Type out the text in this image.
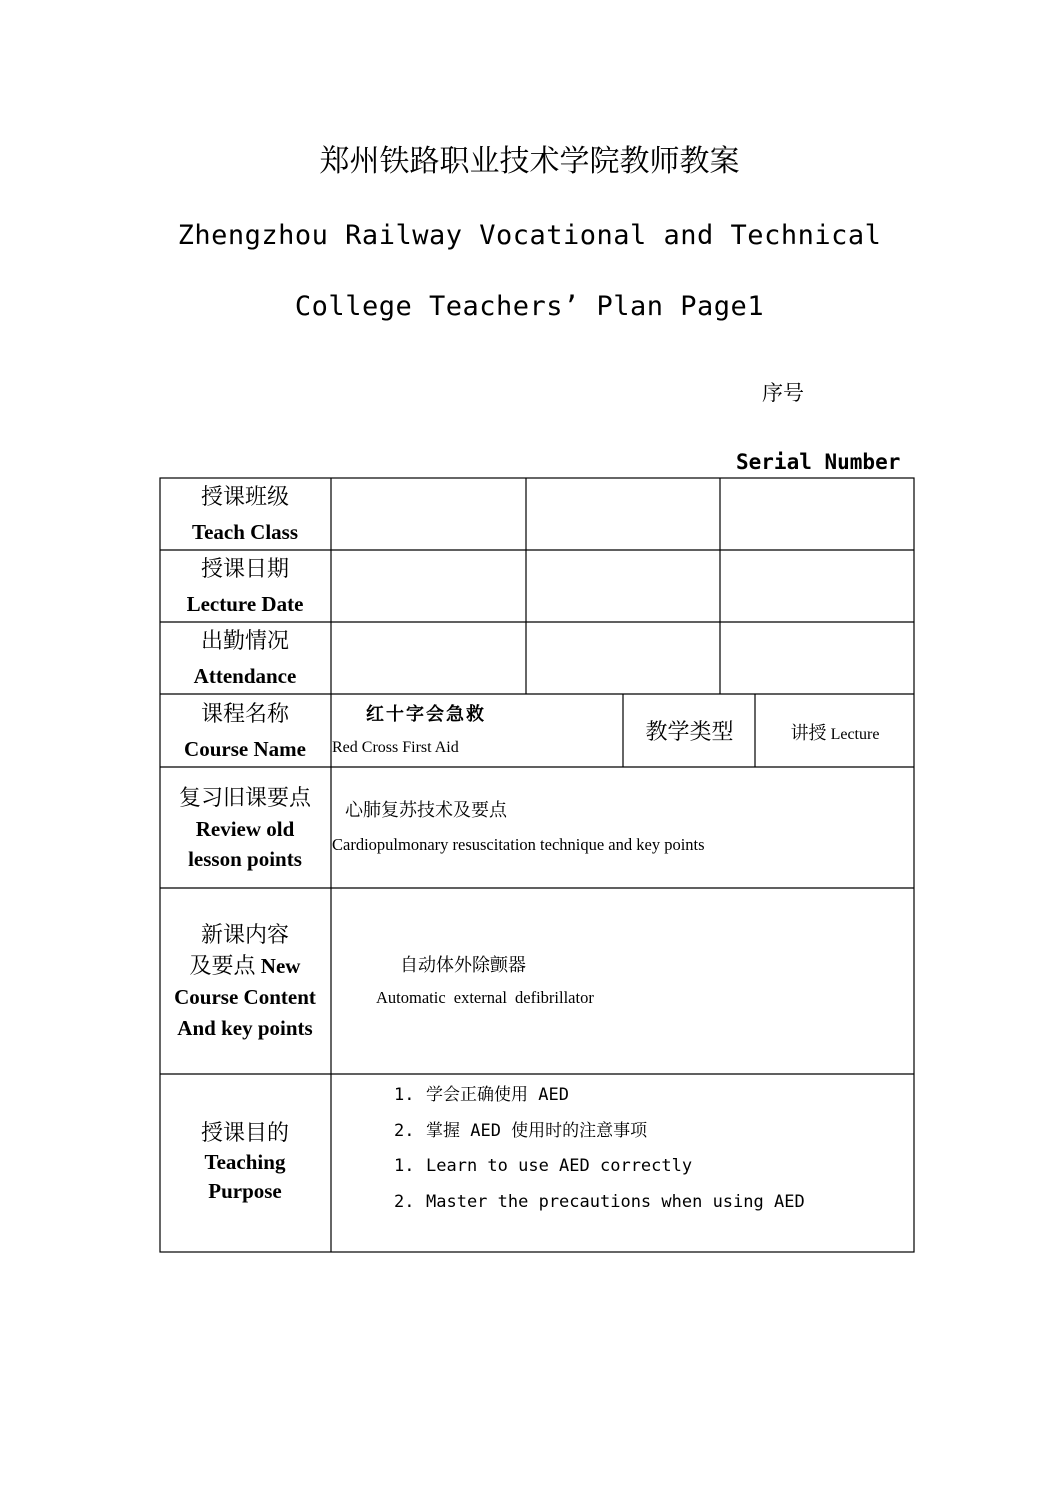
郑州铁路职业技术学院教师教案
Zhengzhou Railway Vocational and Technical
College Teachers’ Plan Page1
序号
Serial Number
授课班级
Teach Class
授课日期
Lecture Date
出勤情况
Attendance
课程名称
Course Name
红十字会急救
Red Cross First Aid
教学类型	讲授 Lecture
复习旧课要点
Review old
lesson points
心肺复苏技术及要点
Cardiopulmonary resuscitation technique and key points
新课内容
及要点 New
Course Content
And key points
自动体外除颤器
Automatic external defibrillator
授课目的
Teaching
Purpose
1. 学会正确使用 AED
2. 掌握 AED 使用时的注意事项
1. Learn to use AED correctly
2. Master the precautions when using AED
